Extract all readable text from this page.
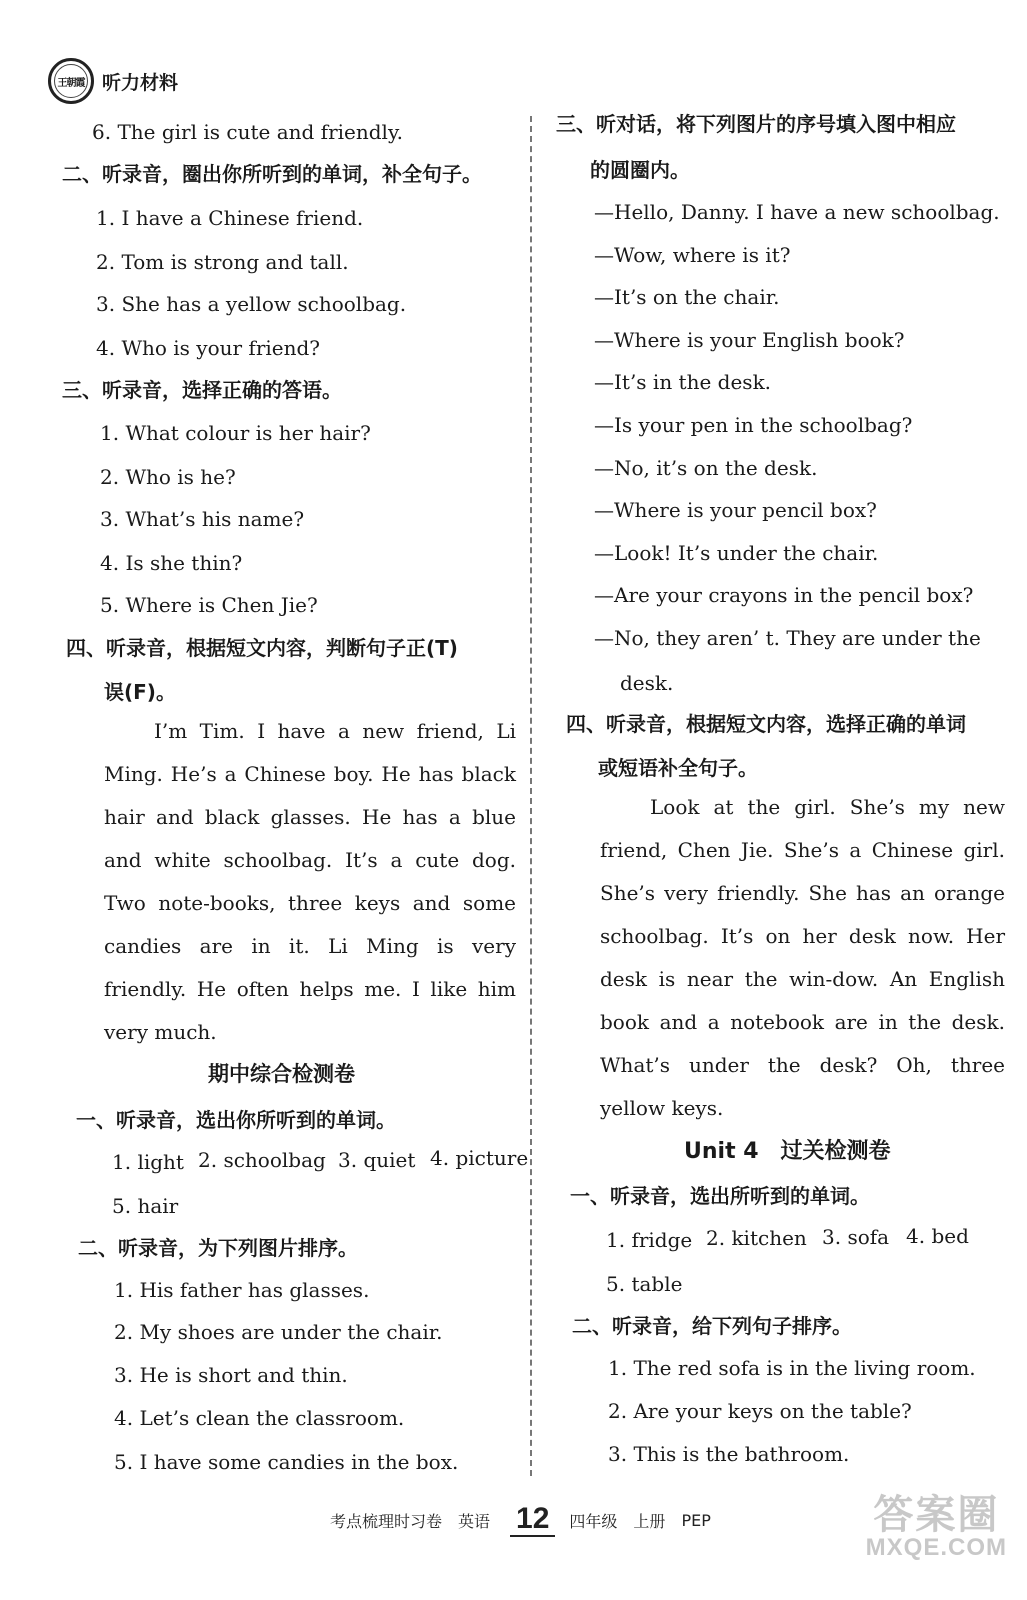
王朝霞 听力材料
6. The girl is cute and friendly.
二、听录音，圈出你所听到的单词，补全句子。
1. I have a Chinese friend.
2. Tom is strong and tall.
3. She has a yellow schoolbag.
4. Who is your friend?
三、听录音，选择正确的答语。
1. What colour is her hair?
2. Who is he?
3. What’s his name?
4. Is she thin?
5. Where is Chen Jie?
四、听录音，根据短文内容，判断句子正(T)
误(F)。
I’m Tim. I have a new friend, Li Ming. He’s a Chinese boy. He has black hair and black glasses. He has a blue and white schoolbag. It’s a cute dog. Two note-books, three keys and some candies are in it. Li Ming is very friendly. He often helps me. I like him very much.
期中综合检测卷
一、听录音，选出你所听到的单词。
1. light 2. schoolbag 3. quiet 4. picture
5. hair
二、听录音，为下列图片排序。
1. His father has glasses.
2. My shoes are under the chair.
3. He is short and thin.
4. Let’s clean the classroom.
5. I have some candies in the box.
三、听对话，将下列图片的序号填入图中相应
的圆圈内。
—Hello, Danny. I have a new schoolbag.
—Wow, where is it?
—It’s on the chair.
—Where is your English book?
—It’s in the desk.
—Is your pen in the schoolbag?
—No, it’s on the desk.
—Where is your pencil box?
—Look! It’s under the chair.
—Are your crayons in the pencil box?
—No, they aren’ t. They are under the
desk.
四、听录音，根据短文内容，选择正确的单词
或短语补全句子。
Look at the girl. She’s my new friend, Chen Jie. She’s a Chinese girl. She’s very friendly. She has an orange schoolbag. It’s on her desk now. Her desk is near the win-dow. An English book and a notebook are in the desk. What’s under the desk? Oh, three yellow keys.
Unit 4　过关检测卷
一、听录音，选出所听到的单词。
1. fridge 2. kitchen 3. sofa 4. bed
5. table
二、听录音，给下列句子排序。
1. The red sofa is in the living room.
2. Are your keys on the table?
3. This is the bathroom.
考点梳理时习卷 英语 12	四年级 上册 PEP	答案圈
MXQE.COM
